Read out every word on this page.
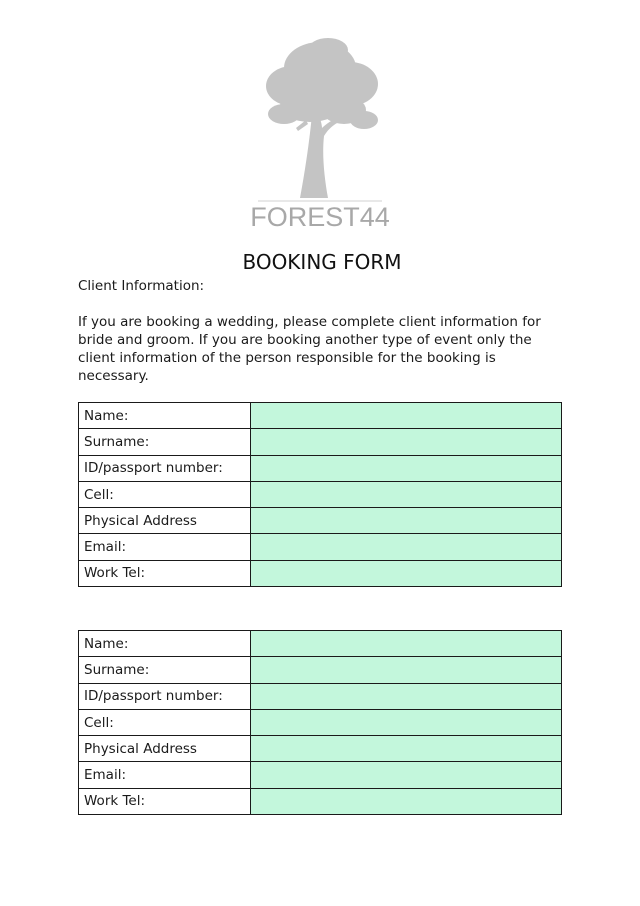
FOREST44
BOOKING FORM
Client Information:
If you are booking a wedding, please complete client information for bride and groom. If you are booking another type of event only the client information of the person responsible for the booking is necessary.
Name:	
Surname:	
ID/passport number:	
Cell:	
Physical Address	
Email:	
Work Tel:	
Name:	
Surname:	
ID/passport number:	
Cell:	
Physical Address	
Email:	
Work Tel:	
